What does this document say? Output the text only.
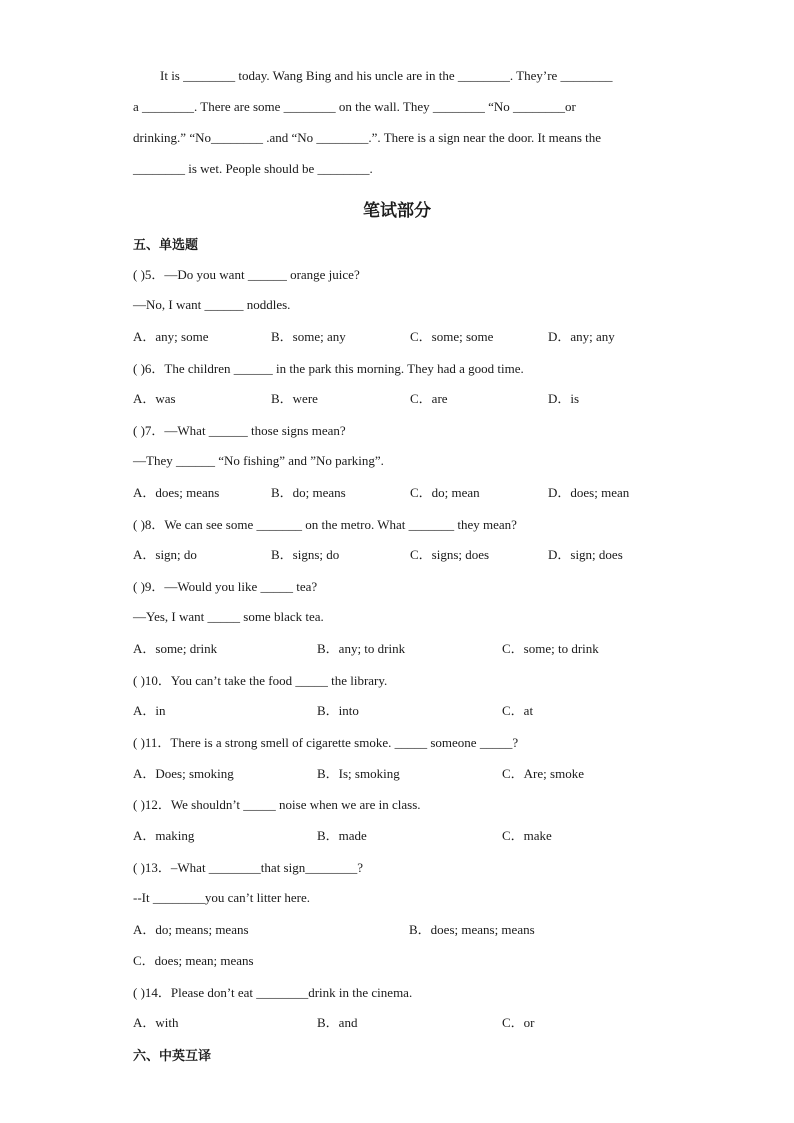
It is ________ today. Wang Bing and his uncle are in the ________. They’re ________
a ________. There are some ________ on the wall. They ________ “No ________or
drinking.” “No________ .and “No ________.”. There is a sign near the door. It means the
________ is wet. People should be ________.
笔试部分
五、单选题
( )5．—Do you want ______ orange juice?
—No, I want ______ noddles.
A．any; some	B．some; any	C．some; some	D．any; any
( )6．The children ______ in the park this morning. They had a good time.
A．was	B．were	C．are	D．is
( )7．—What ______ those signs mean?
—They ______ “No fishing” and ”No parking”.
A．does; means	B．do; means	C．do; mean	D．does; mean
( )8．We can see some _______ on the metro. What _______ they mean?
A．sign; do	B．signs; do	C．signs; does	D．sign; does
( )9．—Would you like _____ tea?
—Yes, I want _____ some black tea.
A．some; drink	B．any; to drink	C．some; to drink
( )10．You can’t take the food _____ the library.
A．in	B．into	C．at
( )11．There is a strong smell of cigarette smoke. _____ someone _____?
A．Does; smoking	B．Is; smoking	C．Are; smoke
( )12．We shouldn’t _____ noise when we are in class.
A．making	B．made	C．make
( )13．–What ________that sign________?
--It ________you can’t litter here.
A．do; means; means	B．does; means; means
C．does; mean; means
( )14．Please don’t eat ________drink in the cinema.
A．with	B．and	C．or
六、中英互译
